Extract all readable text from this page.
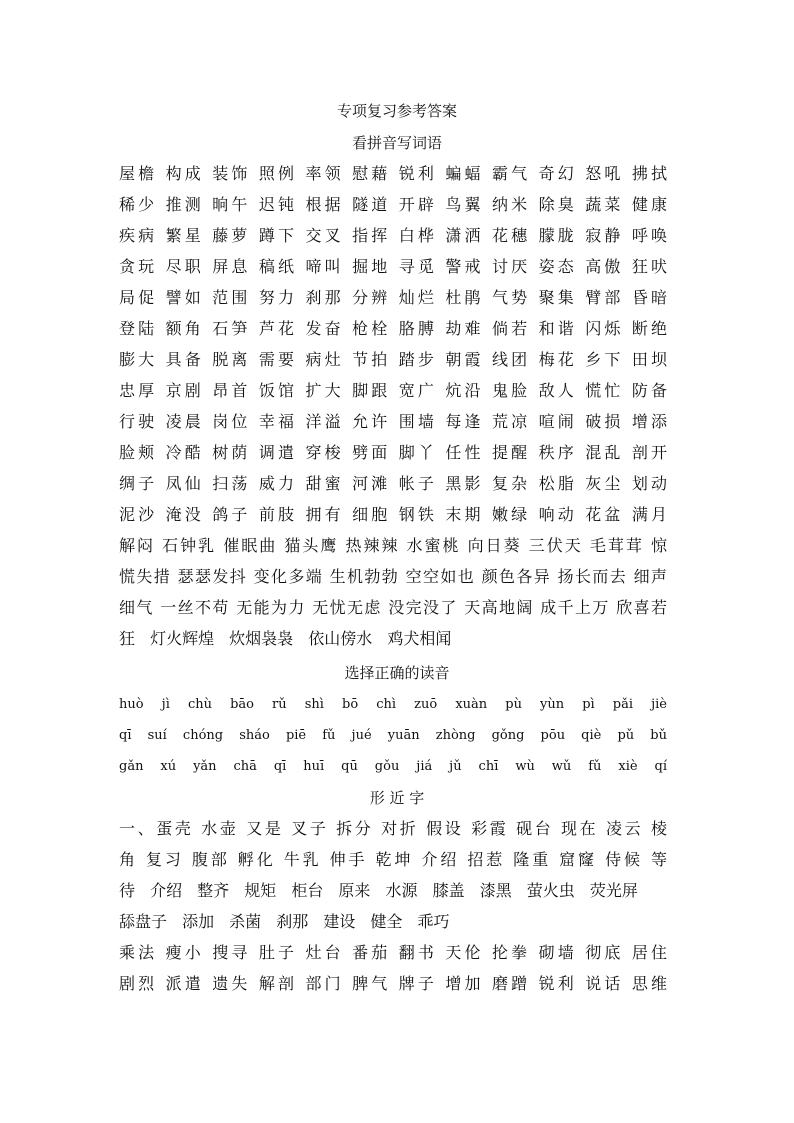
专项复习参考答案
看拼音写词语
屋檐 构成 装饰 照例 率领 慰藉 锐利 蝙蝠 霸气 奇幻 怒吼 拂拭
稀少 推测 晌午 迟钝 根据 隧道 开辟 鸟翼 纳米 除臭 蔬菜 健康
疾病 繁星 藤萝 蹲下 交叉 指挥 白桦 潇洒 花穗 朦胧 寂静 呼唤
贪玩 尽职 屏息 稿纸 啼叫 掘地 寻觅 警戒 讨厌 姿态 高傲 狂吠
局促 譬如 范围 努力 刹那 分辨 灿烂 杜鹃 气势 聚集 臂部 昏暗
登陆 额角 石笋 芦花 发奋 枪栓 胳膊 劫难 倘若 和谐 闪烁 断绝
膨大 具备 脱离 需要 病灶 节拍 踏步 朝霞 线团 梅花 乡下 田坝
忠厚 京剧 昂首 饭馆 扩大 脚跟 宽广 炕沿 鬼脸 敌人 慌忙 防备
行驶 凌晨 岗位 幸福 洋溢 允许 围墙 每逢 荒凉 喧闹 破损 增添
脸颊 冷酷 树荫 调遣 穿梭 劈面 脚丫 任性 提醒 秩序 混乱 剖开
绸子 凤仙 扫荡 威力 甜蜜 河滩 帐子 黑影 复杂 松脂 灰尘 划动
泥沙 淹没 鸽子 前肢 拥有 细胞 钢铁 末期 嫩绿 响动 花盆 满月
解闷 石钟乳 催眠曲 猫头鹰 热辣辣 水蜜桃 向日葵 三伏天 毛茸茸 惊
慌失措 瑟瑟发抖 变化多端 生机勃勃 空空如也 颜色各异 扬长而去 细声
细气 一丝不苟 无能为力 无忧无虑 没完没了 天高地阔 成千上万 欣喜若
狂 灯火辉煌 炊烟袅袅 依山傍水 鸡犬相闻
选择正确的读音
huò jì chù bāo rǔ shì bō chì zuō xuàn pù yùn pì pǎi jiè
qī suí chóng sháo piē fǔ jué yuān zhòng gǒng pōu qiè pǔ bǔ
gǎn xú yǎn chā qī huī qū gǒu jiá jǔ chī wù wǔ fǔ xiè qí
形 近 字
一、蛋壳 水壶 又是 叉子 拆分 对折 假设 彩霞 砚台 现在 凌云 棱
角 复习 腹部 孵化 牛乳 伸手 乾坤 介绍 招惹 隆重 窟窿 侍候 等
待 介绍 整齐 规矩 柜台 原来 水源 膝盖 漆黑 萤火虫 荧光屏
舔盘子 添加 杀菌 刹那 建设 健全 乖巧
乘法 瘦小 搜寻 肚子 灶台 番茄 翻书 天伦 抡拳 砌墙 彻底 居住
剧烈 派遣 遗失 解剖 部门 脾气 牌子 增加 磨蹭 锐利 说话 思维
